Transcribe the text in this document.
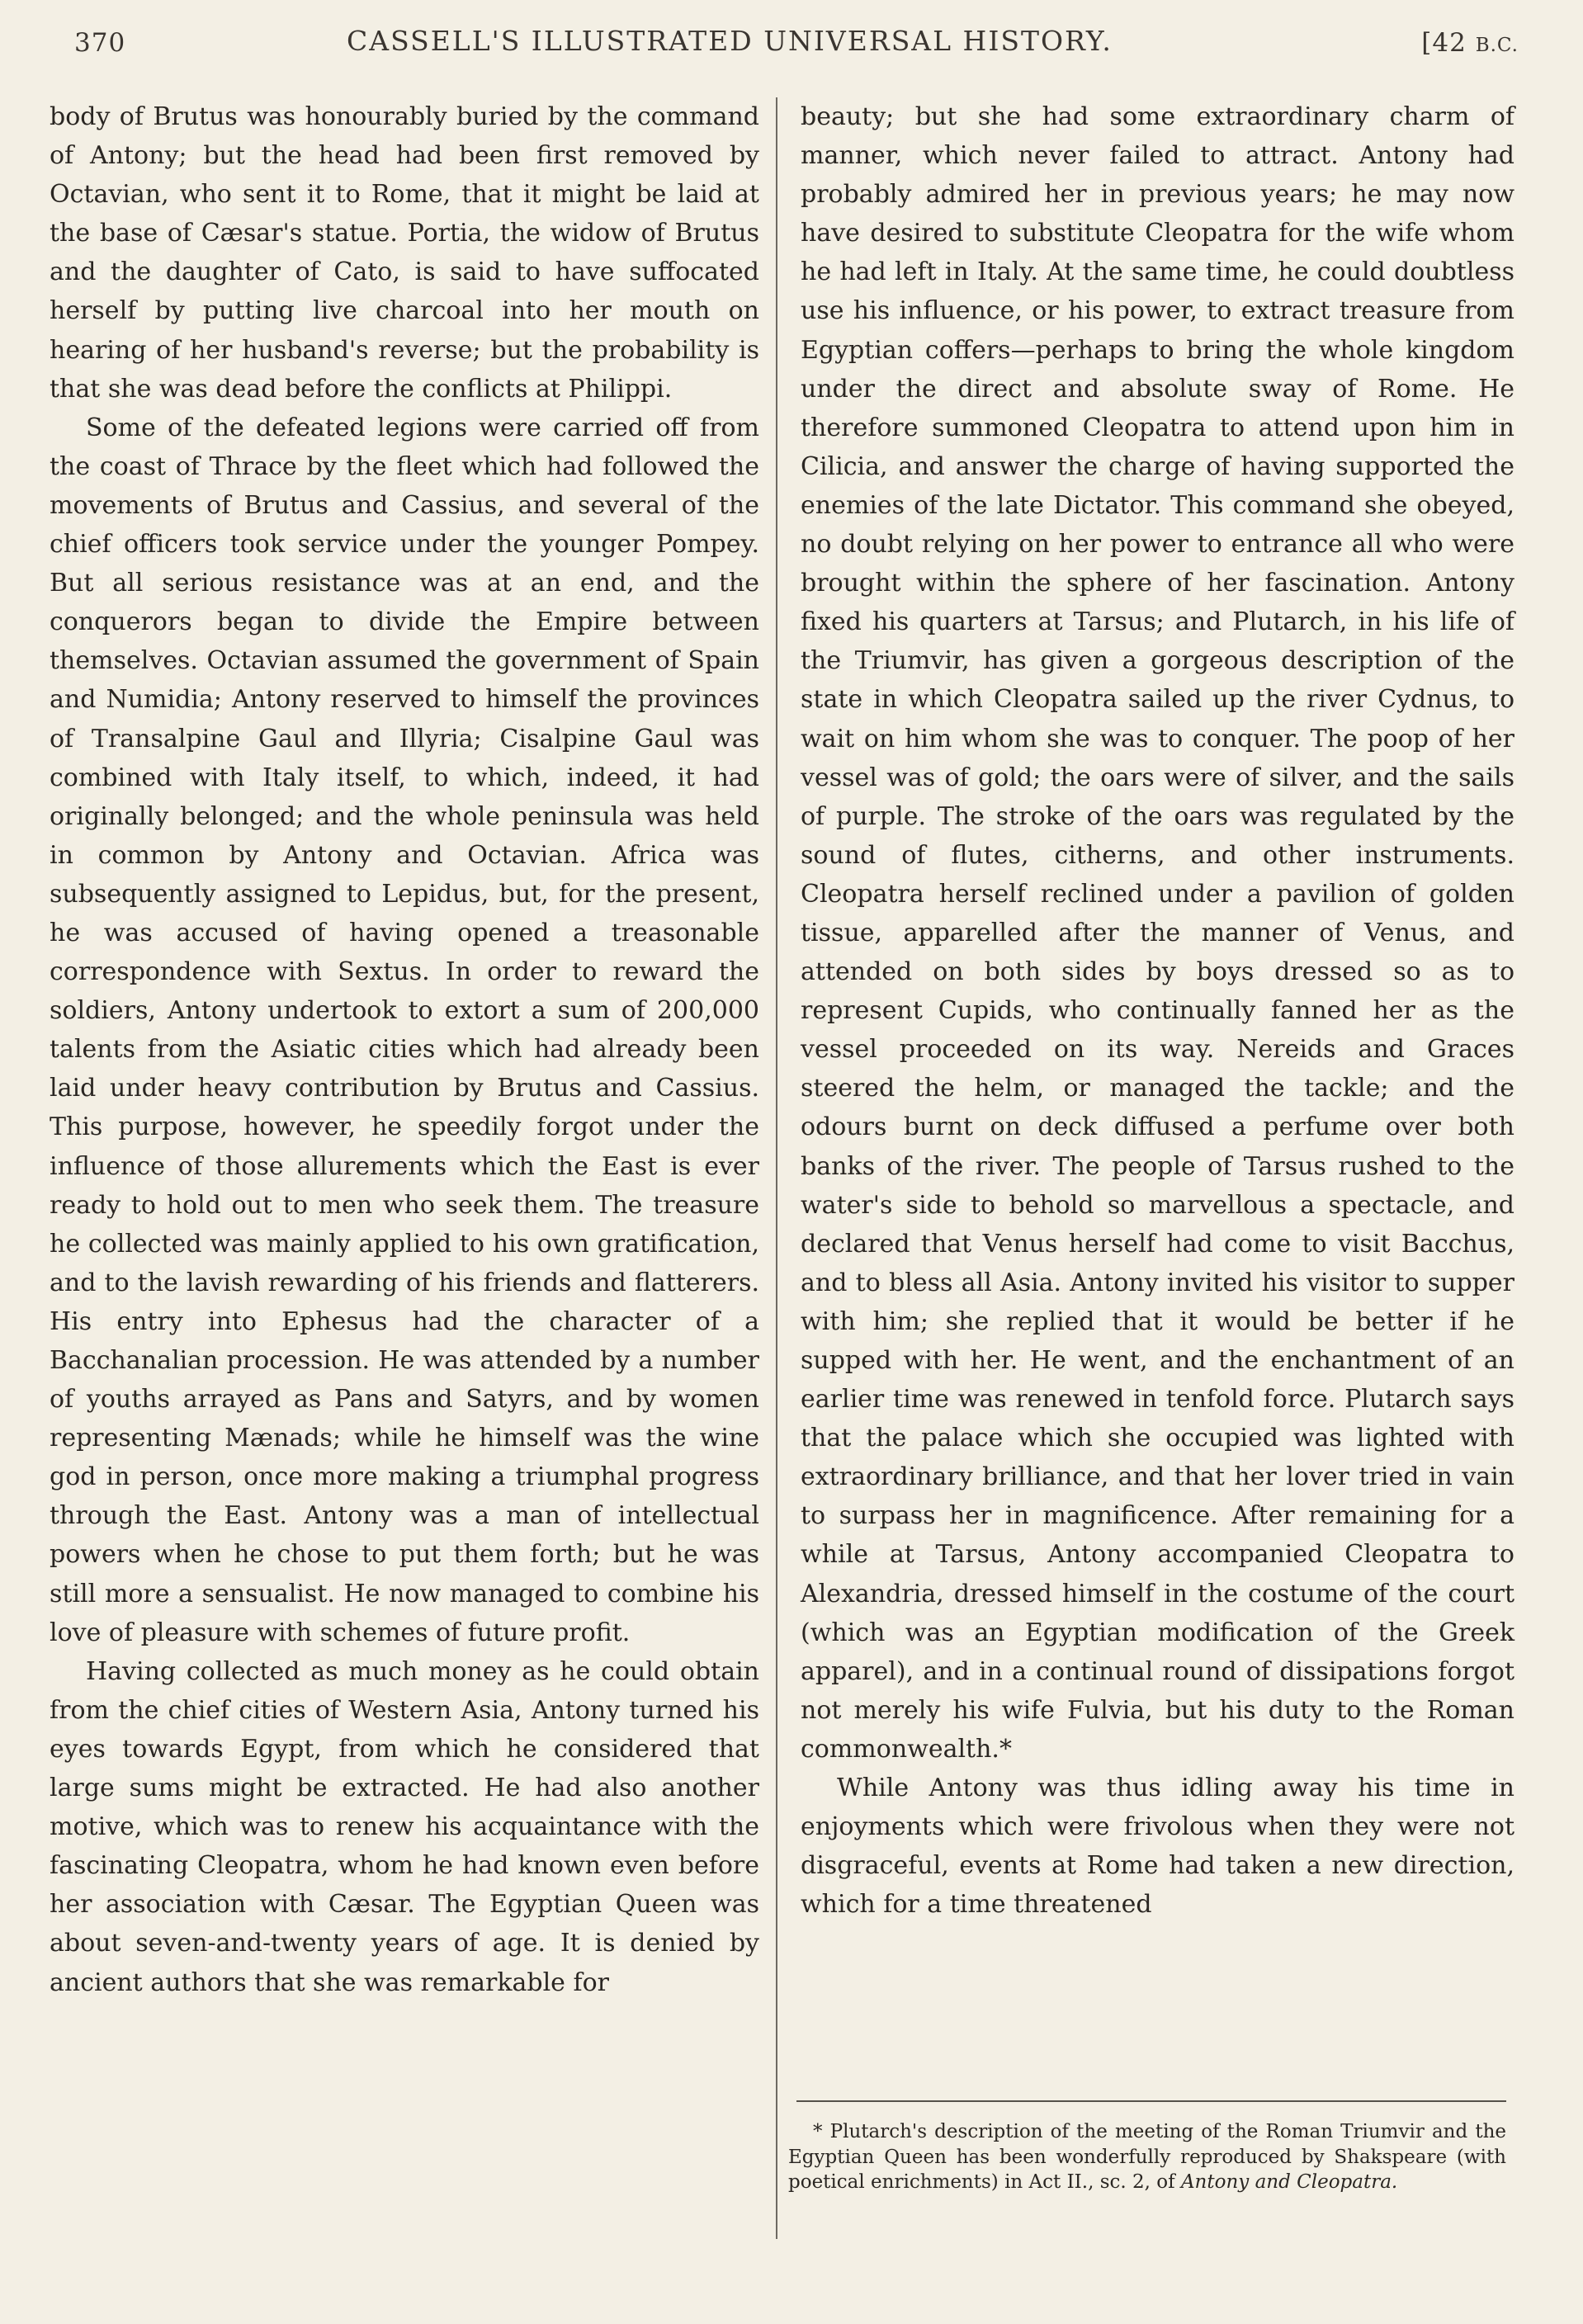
370	CASSELL'S ILLUSTRATED UNIVERSAL HISTORY.	[42 B.C.

body of Brutus was honourably buried by the command of Antony; but the head had been first removed by Octavian, who sent it to Rome, that it might be laid at the base of Cæsar's statue. Portia, the widow of Brutus and the daughter of Cato, is said to have suffocated herself by putting live charcoal into her mouth on hearing of her husband's reverse; but the probability is that she was dead before the conflicts at Philippi.

Some of the defeated legions were carried off from the coast of Thrace by the fleet which had followed the movements of Brutus and Cassius, and several of the chief officers took service under the younger Pompey. But all serious resistance was at an end, and the conquerors began to divide the Empire between themselves. Octavian assumed the government of Spain and Numidia; Antony reserved to himself the provinces of Transalpine Gaul and Illyria; Cisalpine Gaul was combined with Italy itself, to which, indeed, it had originally belonged; and the whole peninsula was held in common by Antony and Octavian. Africa was subsequently assigned to Lepidus, but, for the present, he was accused of having opened a treasonable correspondence with Sextus. In order to reward the soldiers, Antony undertook to extort a sum of 200,000 talents from the Asiatic cities which had already been laid under heavy contribution by Brutus and Cassius. This purpose, however, he speedily forgot under the influence of those allurements which the East is ever ready to hold out to men who seek them. The treasure he collected was mainly applied to his own gratification, and to the lavish rewarding of his friends and flatterers. His entry into Ephesus had the character of a Bacchanalian procession. He was attended by a number of youths arrayed as Pans and Satyrs, and by women representing Mænads; while he himself was the wine god in person, once more making a triumphal progress through the East. Antony was a man of intellectual powers when he chose to put them forth; but he was still more a sensualist. He now managed to combine his love of pleasure with schemes of future profit.

Having collected as much money as he could obtain from the chief cities of Western Asia, Antony turned his eyes towards Egypt, from which he considered that large sums might be extracted. He had also another motive, which was to renew his acquaintance with the fascinating Cleopatra, whom he had known even before her association with Cæsar. The Egyptian Queen was about seven-and-twenty years of age. It is denied by ancient authors that she was remarkable for

beauty; but she had some extraordinary charm of manner, which never failed to attract. Antony had probably admired her in previous years; he may now have desired to substitute Cleopatra for the wife whom he had left in Italy. At the same time, he could doubtless use his influence, or his power, to extract treasure from Egyptian coffers—perhaps to bring the whole kingdom under the direct and absolute sway of Rome. He therefore summoned Cleopatra to attend upon him in Cilicia, and answer the charge of having supported the enemies of the late Dictator. This command she obeyed, no doubt relying on her power to entrance all who were brought within the sphere of her fascination. Antony fixed his quarters at Tarsus; and Plutarch, in his life of the Triumvir, has given a gorgeous description of the state in which Cleopatra sailed up the river Cydnus, to wait on him whom she was to conquer. The poop of her vessel was of gold; the oars were of silver, and the sails of purple. The stroke of the oars was regulated by the sound of flutes, citherns, and other instruments. Cleopatra herself reclined under a pavilion of golden tissue, apparelled after the manner of Venus, and attended on both sides by boys dressed so as to represent Cupids, who continually fanned her as the vessel proceeded on its way. Nereids and Graces steered the helm, or managed the tackle; and the odours burnt on deck diffused a perfume over both banks of the river. The people of Tarsus rushed to the water's side to behold so marvellous a spectacle, and declared that Venus herself had come to visit Bacchus, and to bless all Asia. Antony invited his visitor to supper with him; she replied that it would be better if he supped with her. He went, and the enchantment of an earlier time was renewed in tenfold force. Plutarch says that the palace which she occupied was lighted with extraordinary brilliance, and that her lover tried in vain to surpass her in magnificence. After remaining for a while at Tarsus, Antony accompanied Cleopatra to Alexandria, dressed himself in the costume of the court (which was an Egyptian modification of the Greek apparel), and in a continual round of dissipations forgot not merely his wife Fulvia, but his duty to the Roman commonwealth.*

While Antony was thus idling away his time in enjoyments which were frivolous when they were not disgraceful, events at Rome had taken a new direction, which for a time threatened

* Plutarch's description of the meeting of the Roman Triumvir and the Egyptian Queen has been wonderfully reproduced by Shakspeare (with poetical enrichments) in Act II., sc. 2, of Antony and Cleopatra.
